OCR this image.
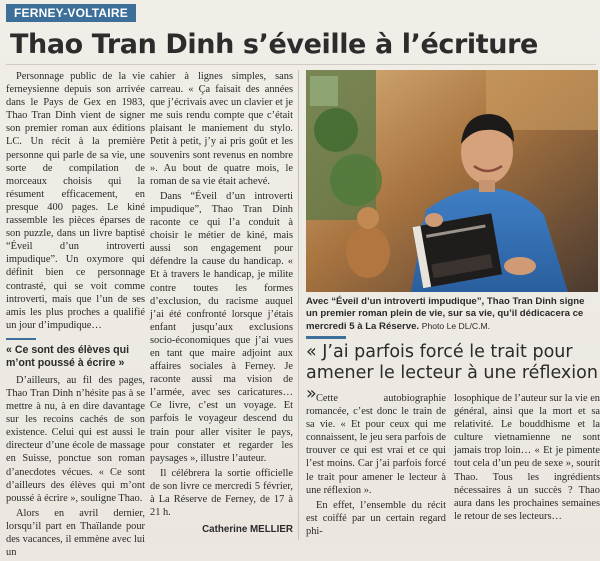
FERNEY-VOLTAIRE
Thao Tran Dinh s’éveille à l’écriture

Personnage public de la vie ferneysienne depuis son arrivée dans le Pays de Gex en 1983, Thao Tran Dinh vient de signer son premier roman aux éditions LC. Un récit à la première personne qui parle de sa vie, une sorte de compilation de morceaux choisis qui la résument efficacement, en presque 400 pages. Le kiné rassemble les pièces éparses de son puzzle, dans un livre baptisé “Éveil d’un introverti impudique”. Un oxymore qui définit bien ce personnage contrasté, qui se voit comme introverti, mais que l’un de ses amis les plus proches a qualifié un jour d’impudique…

« Ce sont des élèves qui m’ont poussé à écrire »

D’ailleurs, au fil des pages, Thao Tran Dinh n’hésite pas à se mettre à nu, à en dire davantage sur les recoins cachés de son existence. Celui qui est aussi le directeur d’une école de massage en Suisse, ponctue son roman d’anecdotes vécues. « Ce sont d’ailleurs des élèves qui m’ont poussé à écrire », souligne Thao.

Alors en avril dernier, lorsqu’il part en Thaïlande pour des vacances, il emmène avec lui un

cahier à lignes simples, sans carreau. « Ça faisait des années que j’écrivais avec un clavier et je me suis rendu compte que c’était plaisant le maniement du stylo. Petit à petit, j’y ai pris goût et les souvenirs sont revenus en nombre ». Au bout de quatre mois, le roman de sa vie était achevé.

Dans “Éveil d’un introverti impudique”, Thao Tran Dinh raconte ce qui l’a conduit à choisir le métier de kiné, mais aussi son engagement pour défendre la cause du handicap. « Et à travers le handicap, je milite contre toutes les formes d’exclusion, du racisme auquel j’ai été confronté lorsque j’étais enfant jusqu’aux exclusions socio-économiques que j’ai vues en tant que maire adjoint aux affaires sociales à Ferney. Je raconte aussi ma vision de l’armée, avec ses caricatures… Ce livre, c’est un voyage. Et parfois le voyageur descend du train pour aller visiter le pays, pour constater et regarder les paysages », illustre l’auteur.

Il célébrera la sortie officielle de son livre ce mercredi 5 février, à La Réserve de Ferney, de 17 à 21 h.

Catherine MELLIER
Avec “Éveil d’un introverti impudique”, Thao Tran Dinh signe un premier roman plein de vie, sur sa vie, qu’il dédicacera ce mercredi 5 à La Réserve. Photo Le DL/C.M.
« J’ai parfois forcé le trait pour amener le lecteur à une réflexion » Cette autobiographie romancée, c’est donc le train de sa vie. « Et pour ceux qui me connaissent, le jeu sera parfois de trouver ce qui est vrai et ce qui l’est moins. Car j’ai parfois forcé le trait pour amener le lecteur à une réflexion ».

En effet, l’ensemble du récit est coiffé par un certain regard phi-

losophique de l’auteur sur la vie en général, ainsi que la mort et sa relativité. Le bouddhisme et la culture vietnamienne ne sont jamais trop loin… « Et je pimente tout cela d’un peu de sexe », sourit Thao. Tous les ingrédients nécessaires à un succès ? Thao aura dans les prochaines semaines le retour de ses lecteurs…
